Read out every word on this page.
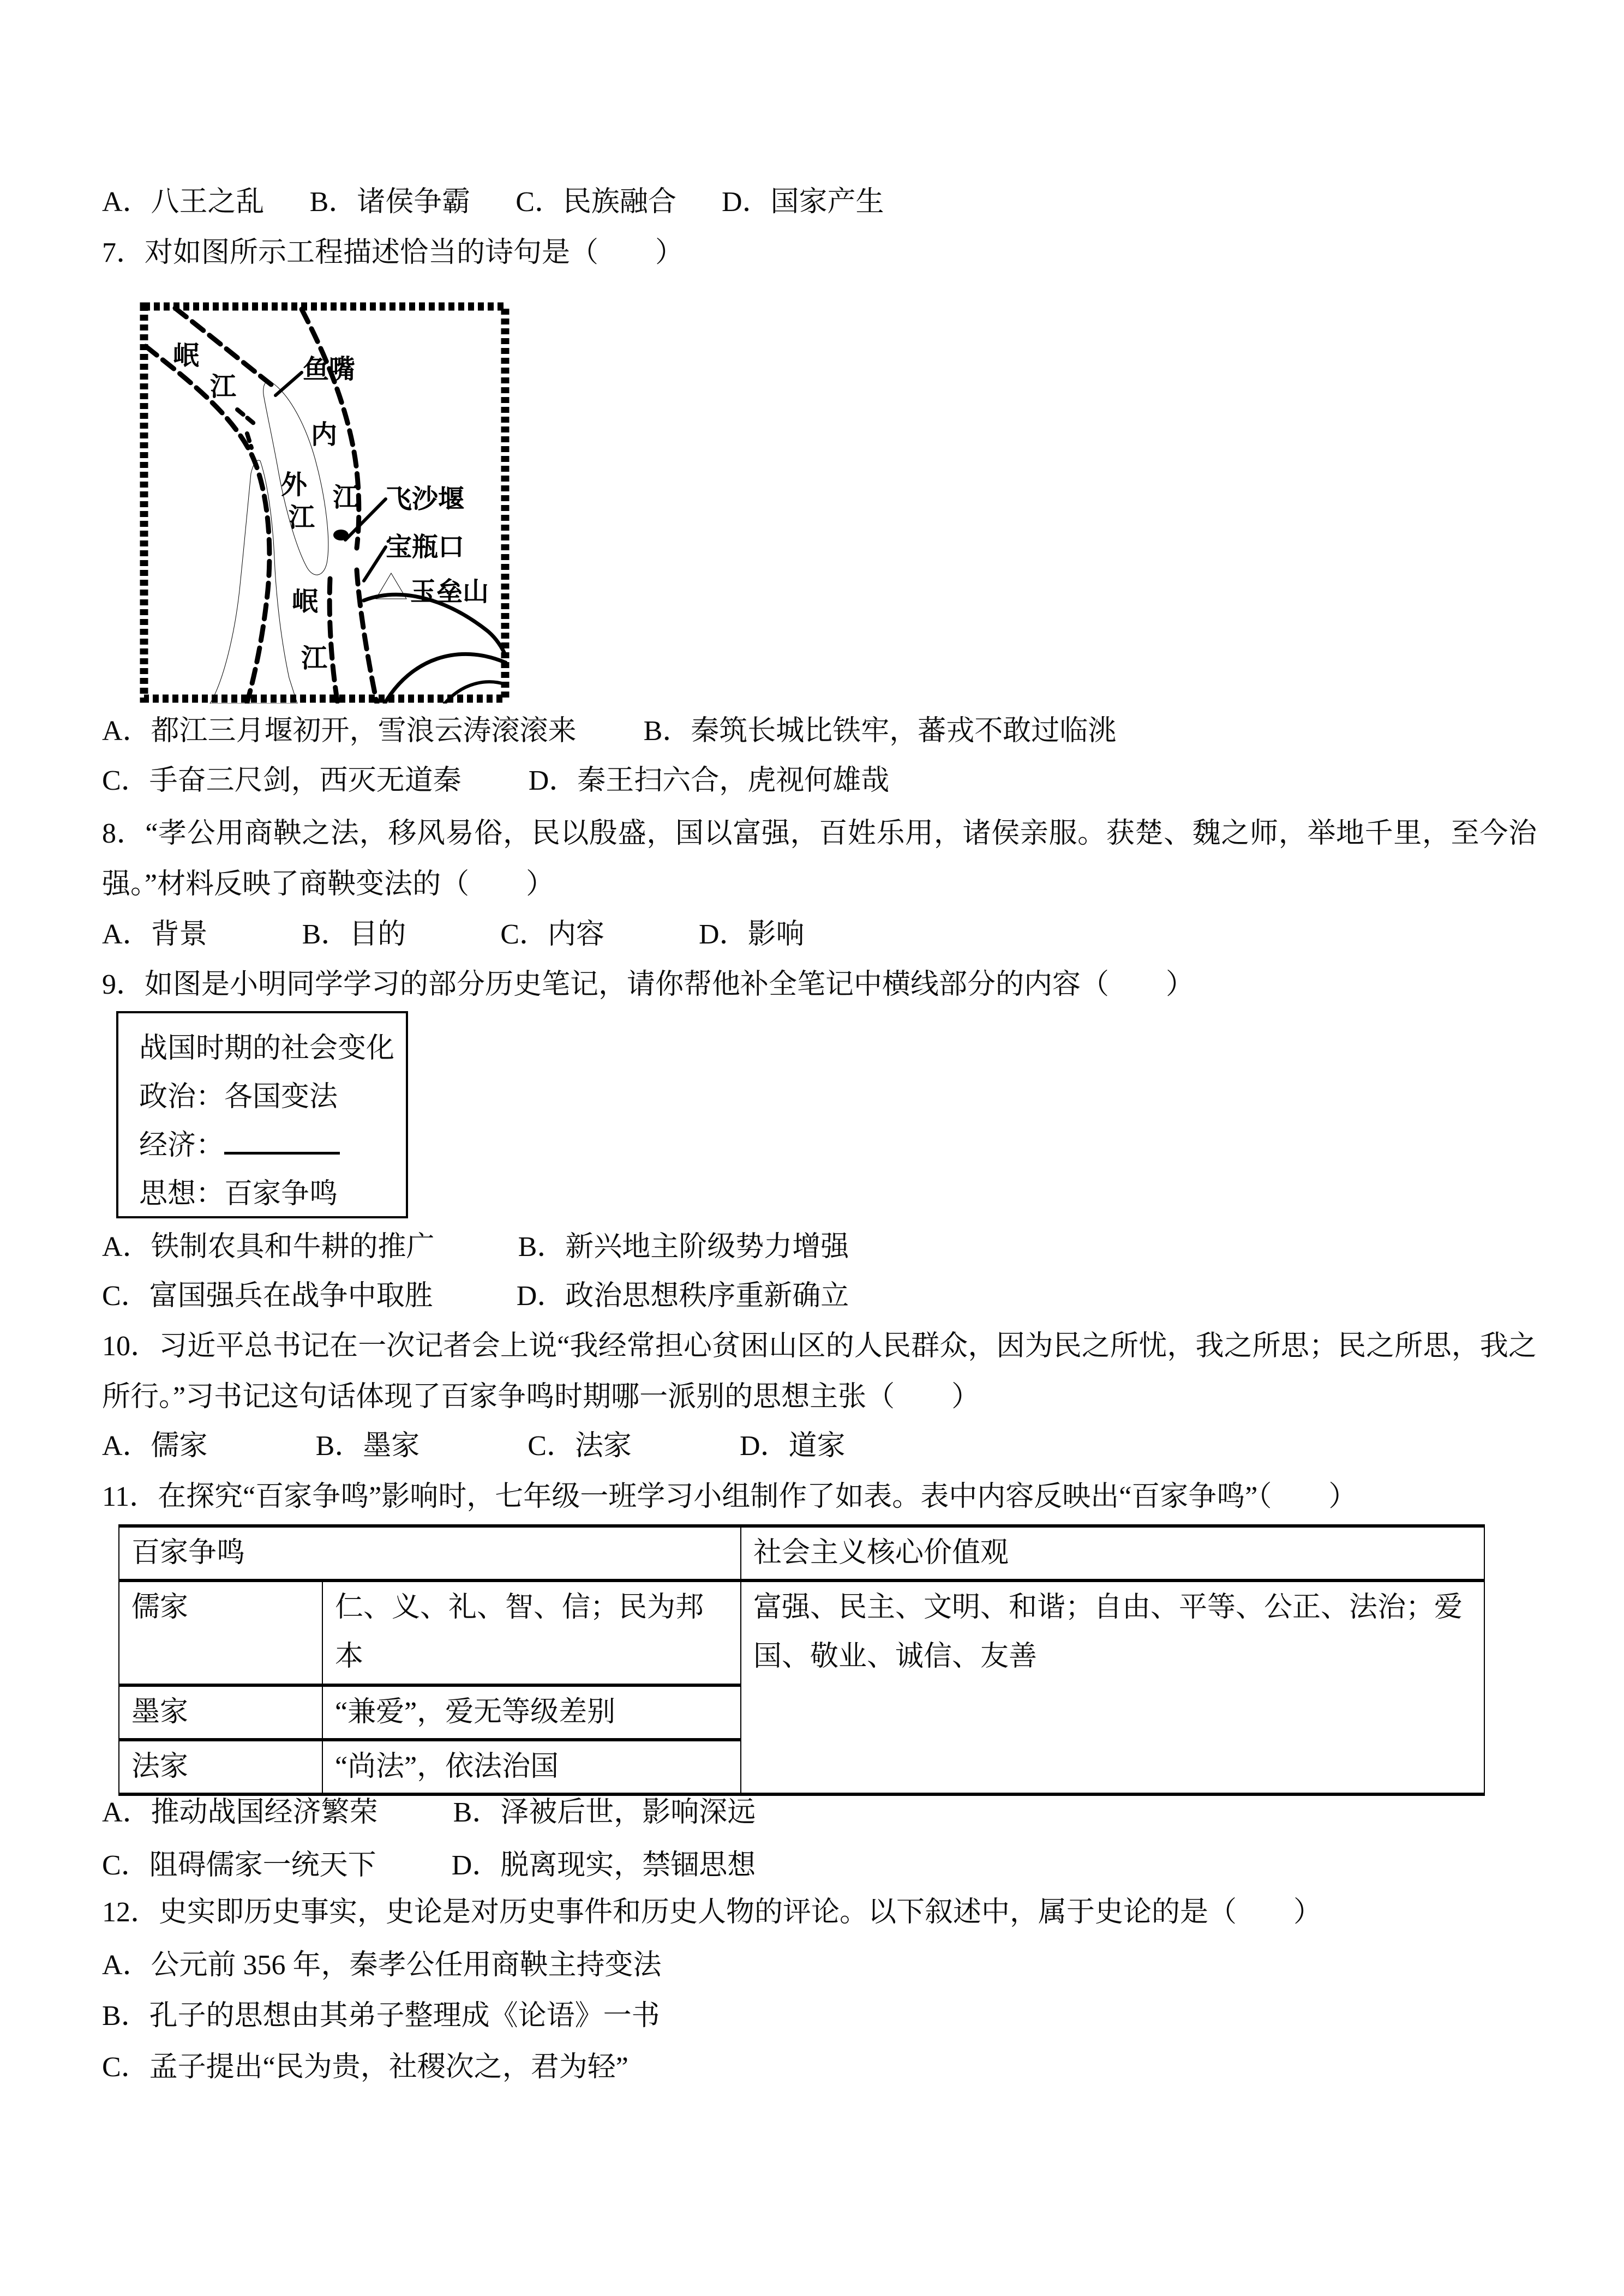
A．八王之乱 B．诸侯争霸 C．民族融合 D．国家产生
7．对如图所示工程描述恰当的诗句是（　　）
岷
江
鱼嘴
内
江
外
江
飞沙堰
宝瓶口
玉垒山
岷
江
A．都江三月堰初开，雪浪云涛滚滚来 B．秦筑长城比铁牢，蕃戎不敢过临洮
C．手奋三尺剑，西灭无道秦 D．秦王扫六合，虎视何雄哉
8．“孝公用商鞅之法，移风易俗，民以殷盛，国以富强，百姓乐用，诸侯亲服。获楚、魏之师，举地千里，至今治强。”材料反映了商鞅变法的（　　）
A．背景	B．目的	C．内容	D．影响
9．如图是小明同学学习的部分历史笔记，请你帮他补全笔记中横线部分的内容（　　）
战国时期的社会变化
政治：各国变法
经济：
思想：百家争鸣
A．铁制农具和牛耕的推广	B．新兴地主阶级势力增强
C．富国强兵在战争中取胜	D．政治思想秩序重新确立
10．习近平总书记在一次记者会上说“我经常担心贫困山区的人民群众，因为民之所忧，我之所思；民之所思，我之所行。”习书记这句话体现了百家争鸣时期哪一派别的思想主张（　　）
A．儒家	B．墨家	C．法家	D．道家
11．在探究“百家争鸣”影响时，七年级一班学习小组制作了如表。表中内容反映出“百家争鸣”（　　）
百家争鸣		社会主义核心价值观
儒家	仁、义、礼、智、信；民为邦本	富强、民主、文明、和谐；自由、平等、公正、法治；爱国、敬业、诚信、友善

墨家	“兼爱”，爱无等级差别	

法家	“尚法”，依法治国	
A．推动战国经济繁荣	B．泽被后世，影响深远
C．阻碍儒家一统天下	D．脱离现实，禁锢思想
12．史实即历史事实，史论是对历史事件和历史人物的评论。以下叙述中，属于史论的是（　　）
A．公元前 356 年，秦孝公任用商鞅主持变法
B．孔子的思想由其弟子整理成《论语》一书
C．孟子提出“民为贵，社稷次之，君为轻”
